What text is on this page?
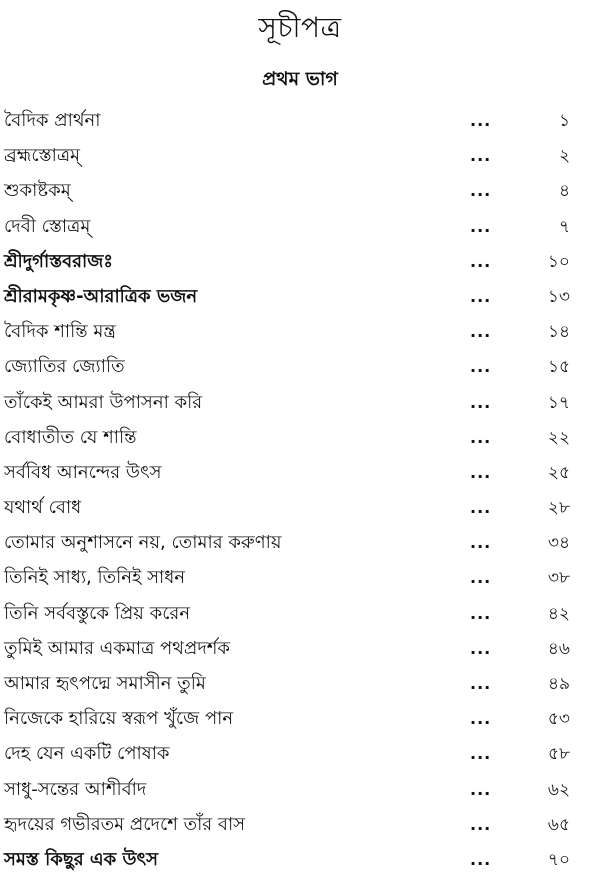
সূচীপত্র
প্রথম ভাগ
বৈদিক প্রার্থনা	...	১
ব্রহ্মস্তোত্রম্	...	২
শুকাষ্টকম্	...	৪
দেবী স্তোত্রম্	...	৭
শ্রীদুর্গাস্তবরাজঃ	...	১০
শ্রীরামকৃষ্ণ-আরাত্রিক ভজন	...	১৩
বৈদিক শান্তি মন্ত্র	...	১৪
জ্যোতির জ্যোতি	...	১৫
তাঁকেই আমরা উপাসনা করি	...	১৭
বোধাতীত যে শান্তি	...	২২
সর্ববিধ আনন্দের উৎস	...	২৫
যথার্থ বোধ	...	২৮
তোমার অনুশাসনে নয়, তোমার করুণায়	...	৩৪
তিনিই সাধ্য, তিনিই সাধন	...	৩৮
তিনি সর্ববস্তুকে প্রিয় করেন	...	৪২
তুমিই আমার একমাত্র পথপ্রদর্শক	...	৪৬
আমার হৃৎপদ্মে সমাসীন তুমি	...	৪৯
নিজেকে হারিয়ে স্বরূপ খুঁজে পান	...	৫৩
দেহ যেন একটি পোষাক	...	৫৮
সাধু-সন্তের আশীর্বাদ	...	৬২
হৃদয়ের গভীরতম প্রদেশে তাঁর বাস	...	৬৫
সমস্ত কিছুর এক উৎস	...	৭০
